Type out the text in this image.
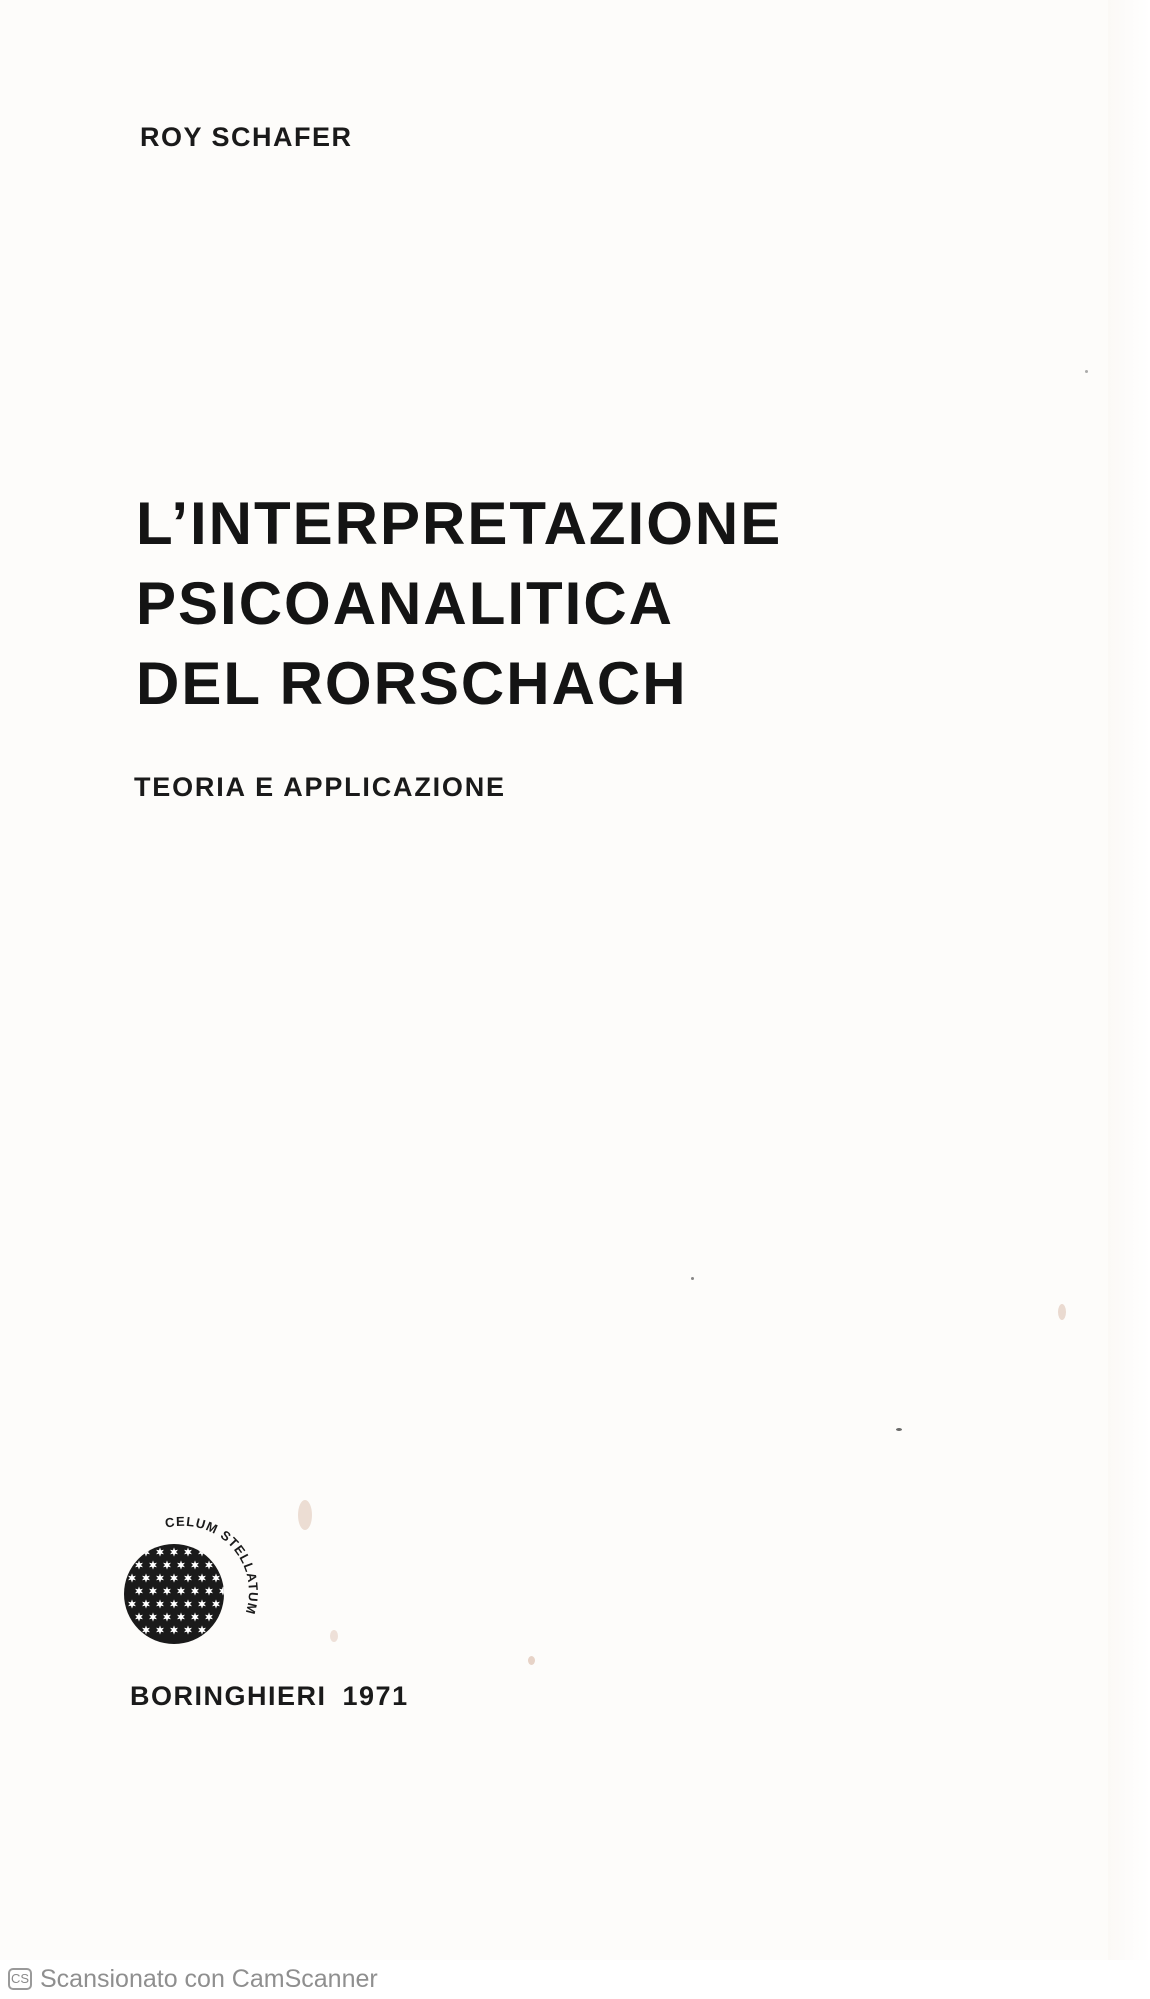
ROY SCHAFER
L’INTERPRETAZIONE
PSICOANALITICA
DEL RORSCHACH
TEORIA E APPLICAZIONE
CELUM STELL
BORINGHIERI 1971
CS Scansionato con CamScanner
